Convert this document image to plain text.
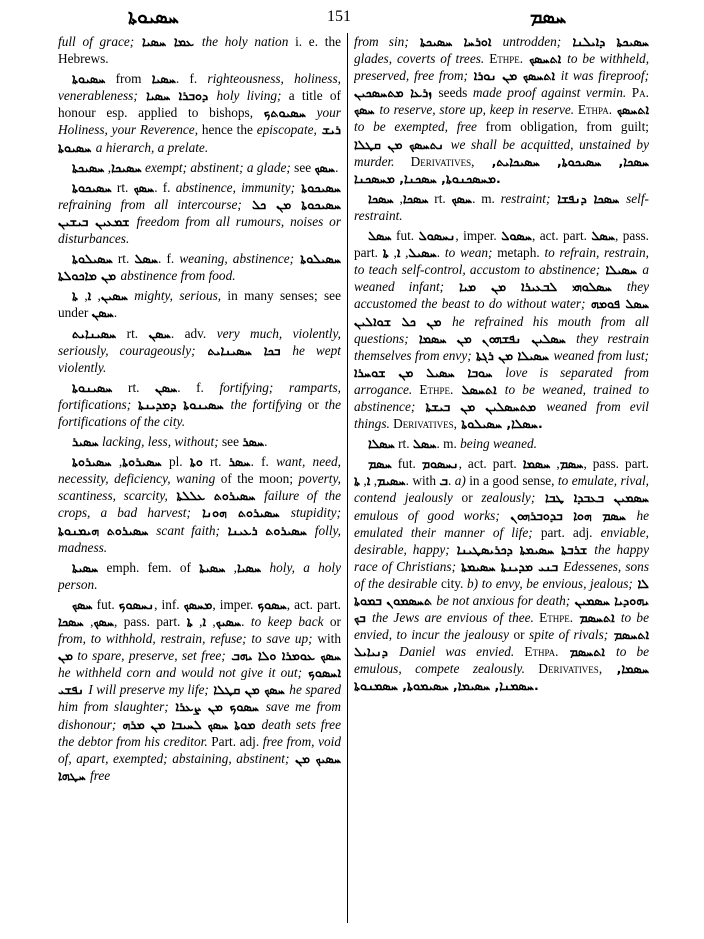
ܚܣܝܘܬܐ	151	ܚܣܡ

full of grace; ܥܡܐ ܚܣܝܐ the holy nation i. e. the Hebrews.

ܚܣܝܘܬܐ from ܚܣܝܐ. f. righteousness, holiness, venerableness; ܕܘܒܪܐ ܚܣܝܐ holy living; a title of honour esp. applied to bishops, ܚܣܝܘܬܟ your Holiness, your Reverence, hence the episcopate, ܪܝܫ ܚܣܝܘܬܐ a hierarch, a prelate.

ܚܣܝܟܐ, ܚܣܝܟܬܐ	exempt; abstinent; a glade; see ܚܣܟ.

ܚܣܝܟܘܬܐ rt. ܚܣܟ. f. abstinence, immunity; ܚܣܝܟܘܬܐ refraining from all intercourse; ܚܣܝܟܘܬܐ ܡܢ ܟܠ ܫܡܥܝܢ ܒܝܫܝܢ freedom from all rumours, noises or disturbances.

ܚܣܝܠܘܬܐ rt. ܚܣܠ. f. weaning, abstinence; ܚܣܝܠܘܬܐ ܡܢ ܡܐܟܘܠܬܐ abstinence from food.

ܚܣܝܢ, ܐ, ܬܐ	mighty, serious, in many senses; see under ܚܣܢ.

ܚܣܝܢܐܝܬ rt. ܚܣܢ. adv. very much, violently, seriously, courageously; ܒܟܐ ܚܣܝܢܐܝܬ he wept violently.

ܚܣܝܢܘܬܐ rt. ܚܣܢ. f. fortifying; ramparts, fortifications; ܚܣܝܢܘܬܐ ܕܡܕܝܢܬܐ the fortifying or the fortifications of the city.

ܚܣܝܪ lacking, less, without; see ܚܣܪ.

ܚܣܝܪܘܬܐ, ܚܣܝܪܘܬܐ	pl. ܘܬܐ rt. ܚܣܪ. f. want, need, necessity, deficiency, waning of the moon; poverty, scantiness, scarcity, ܚܣܝܪܘܬ ܥܠܠܬܐ failure of the crops, a bad harvest; ܚܣܝܪܘܬ ܗܘܢܐ stupidity; ܚܣܝܪܘܬ ܗܝܡܢܘܬܐ scant faith; ܚܣܝܪܘܬ ܪܥܝܢܐ folly, madness.

ܚܣܝܬܐ emph. fem. of	ܚܣܝܐ, ܚܣܝܬܐ	holy, a holy person.

ܚܣܟ fut. ܢܚܣܘܟ, inf. ܡܚܣܟ, imper. ܚܣܘܟ, act. part. ܚܣܟ, ܚܣܟܐ , pass. part. ܚܣܝܟ, ܐ, ܬܐ	. to keep back or from, to withhold, restrain, refuse; to save up; with ܡܢ to spare, preserve, set free; ܚܣܟ ܥܘܡܪܐ ܘܠܐ ܝܗܒ he withheld corn and would not give it out; ܐܚܣܘܟ ܢܦܫܝ I will preserve my life; ܚܣܟ ܡܢ ܩܛܠܐ he spared him from slaughter; ܚܣܘܟ ܡܢ ܨܥܪܐ save me from dishonour; ܡܘܬܐ ܚܣܟ ܠܚܝܒܐ ܡܢ ܡܪܗ death sets free the debtor from his creditor. Part. adj. free from, void of, apart, exempted; abstaining, abstinent; ܚܣܝܟ ܡܢ ܚܛܗܐ free

from sin; ܐܘܪܚܐ ܚܣܝܟܬܐ untrodden; ܚܣܝܟܬܐ ܕܐܝܠܢܐ glades, coverts of trees. Ethpe. ܐܬܚܣܟ to be withheld, preserved, free from; ܐܬܚܣܟ ܡܢ ܢܘܪܐ it was fireproof; ܙܪܥܐ ܡܬܚܣܟܝܢ seeds made proof against vermin. Pa. ܚܣܟ to reserve, store up, keep in reserve. Ethpa. ܐܬܚܣܟ to be exempted, free from obligation, from guilt; ܢܬܚܣܟ ܡܢ ܩܛܠܐ we shall be acquitted, unstained by murder. Derivatives, ܚܣܟܐ, ܚܣܝܟܘܬܐ, ܚܣܝܟܐܝܬ, ܡܚܣܟܢܘܬܐ, ܚܣܟܢܐ, ܡܚܣܟܢܐ.

ܚܣܟܐ, ܚܣܟܐ	rt. ܚܣܟ. m. restraint; ܚܣܟܐ ܕܢܦܫܐ self-restraint.

ܚܣܠ fut. ܢܚܣܘܠ, imper. ܚܣܘܠ, act. part. ܚܣܠ, pass. part. ܚܣܝܠ, ܐ, ܬܐ	. to wean; metaph. to refrain, restrain, to teach self-control, accustom to abstinence; ܚܣܝܠܐ a weaned infant; ܚܣܠܘܗܝ ܠܒܥܝܪܐ ܡܢ ܡܝܐ they accustomed the beast to do without water; ܚܣܠ ܦܘܡܗ ܡܢ ܟܠ ܫܘܐܠܝܢ he refrained his mouth from all questions; ܚܣܠܝܢ ܢܦܫܗܘܢ ܡܢ ܚܣܡܐ they restrain themselves from envy; ܚܣܝܠܐ ܡܢ ܪܓܬܐ weaned from lust; ܚܘܒܐ ܚܣܝܠ ܡܢ ܫܘܚܪܐ love is separated from arrogance. Ethpe. ܐܬܚܣܠ to be weaned, trained to abstinence; ܡܬܚܣܠܝܢ ܡܢ ܒܝܫܬܐ weaned from evil things. Derivatives, ܚܣܠܐ, ܚܣܝܠܘܬܐ.

ܚܣܠܐ rt. ܚܣܠ. m. being weaned.

ܚܣܡ fut. ܢܚܣܘܡ, act. part.	ܚܣܡ, ܚܣܡܐ , pass. part. ܚܣܝܡ, ܐ, ܬܐ	. with ܒ. a) in a good sense, to emulate, rival, contend jealously or zealously; ܚܣܡܝܢ ܒܥܒܕܐ ܛܒܐ emulous of good works; ܚܣܡ ܗܘܐ ܒܕܘܒܪܗܘܢ he emulated their manner of life; part. adj. enviable, desirable, happy; ܫܪܒܬܐ ܚܣܝܡܬܐ ܕܟܪܝܣܛܝܢܐ the happy race of Christians; ܒܢܝ ܡܕܝܢܬܐ ܚܣܝܡܬܐ Edessenes, sons of the desirable city. b) to envy, be envious, jealous; ܠܐ ܬܚܣܡܘܢ ܒܡܘܬܐ be not anxious for death; ܝܗܘܕܝܐ ܚܣܡܝܢ ܒܟ the Jews are envious of thee. Ethpe. ܐܬܚܣܡ to be envied, to incur the jealousy or spite of rivals; ܐܬܚܣܡ ܕܢܝܐܝܠ Daniel was envied. Ethpa. ܐܬܚܣܡ to be emulous, compete zealously. Derivatives, ܚܣܡܐ, ܚܣܡܢܐ, ܚܣܝܡܐ, ܚܣܝܡܘܬܐ, ܚܣܡܢܘܬܐ.
